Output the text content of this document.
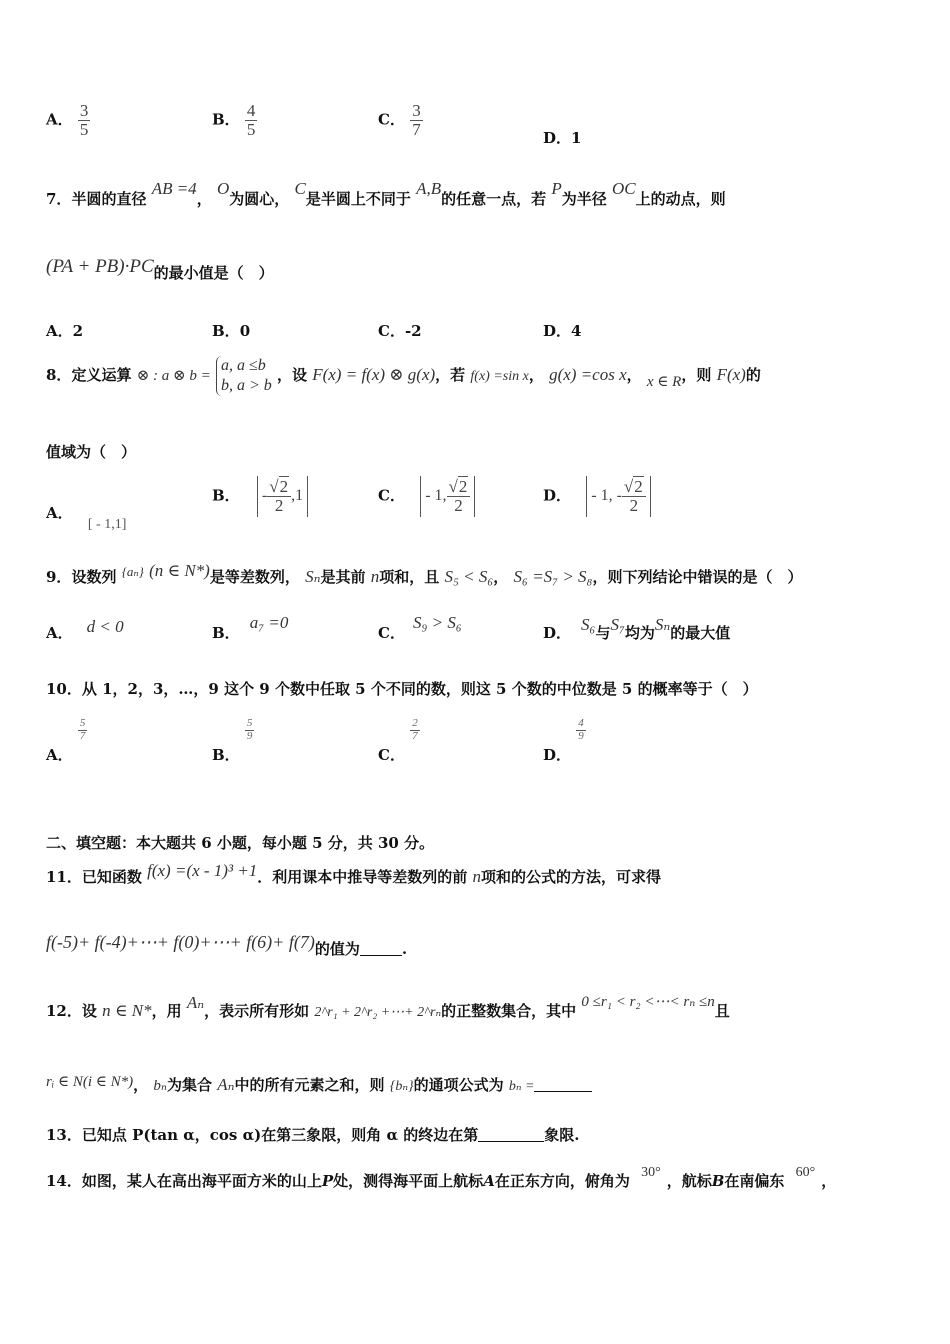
A． $\frac{3}{5}$	B． $\frac{4}{5}$	C． $\frac{3}{7}$	D．1
7．半圆的直径 AB =4， O为圆心， C是半圆上不同于 A,B的任意一点，若 P为半径 OC上的动点，则
(PA + PB)·PC的最小值是（　）
A．2	B．0	C．-2	D．4
8．定义运算 ⊗ : a ⊗ b =
a, a ≤b
b, a > b
，设 F(x) = f(x) ⊗ g(x)，若 f(x) =sin x， g(x) =cos x， x ∈ R，则 F(x)的
值域为（　）
A． [ - 1,1]
B． - $\frac{√2}{2} ,1$	C． - 1, $\frac{√2}{2}$	D． - 1, - $\frac{√2}{2}$
9．设数列 {aₙ} (n ∈ N*)是等差数列， Sₙ是其前 n项和，且 S₅ < S₆， S₆ =S₇ > S₈，则下列结论中错误的是（　）
A． d < 0	B．a₇ =0
C．S₉ > S₆
D． S₆与S₇均为Sₙ的最大值
10．从 1，2，3，…，9 这个 9 个数中任取 5 个不同的数，则这 5 个数的中位数是 5 的概率等于（　）
A．
$\frac{5}{7}$
B．
$\frac{5}{9}$
C．
$\frac{2}{7}$
D．
$\frac{4}{9}$
二、填空题：本大题共 6 小题，每小题 5 分，共 30 分。
11．已知函数 f(x) =(x - 1)³ +1．利用课本中推导等差数列的前 n项和的公式的方法，可求得
f(-5)+ f(-4)+⋯+ f(0)+⋯+ f(6)+ f(7)的值为	.
12．设 n ∈ N*，用 Aₙ，表示所有形如 2^r₁ + 2^r₂ +⋯+ 2^rₙ的正整数集合，其中 0 ≤r₁ < r₂ <⋯< rₙ ≤n且
rᵢ ∈ N(i ∈ N*)， bₙ为集合 Aₙ中的所有元素之和，则 {bₙ}的通项公式为 bₙ =
13．已知点 P(tan α，cos α)在第三象限，则角 α 的终边在第	象限.
14．如图，某人在高出海平面方米的山上P处，测得海平面上航标A在正东方向，俯角为 30° ，航标B在南偏东 60° ，
